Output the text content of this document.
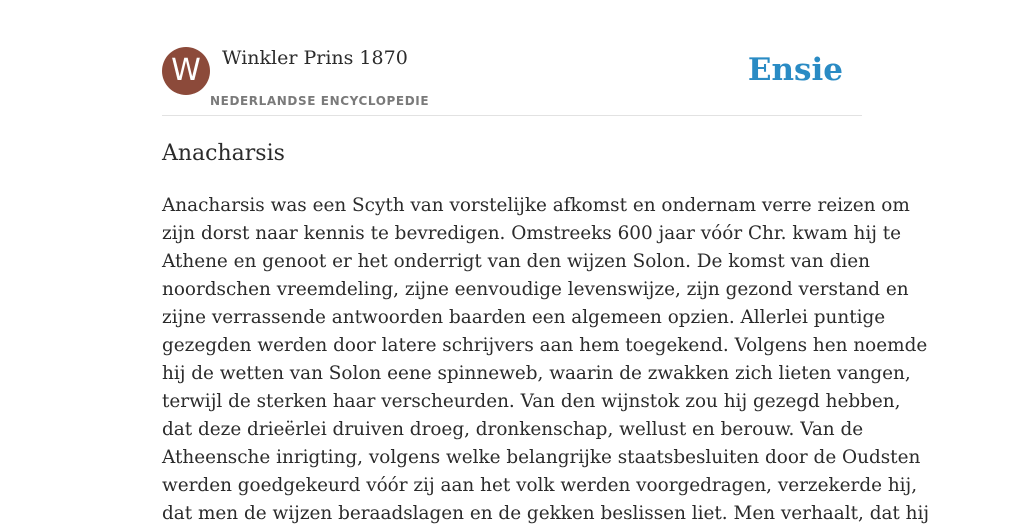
W	Winkler Prins 1870
NEDERLANDSE ENCYCLOPEDIE
Ensie
Anacharsis
Anacharsis was een Scyth van vorstelijke afkomst en ondernam verre reizen om
zijn dorst naar kennis te bevredigen. Omstreeks 600 jaar vóór Chr. kwam hij te
Athene en genoot er het onderrigt van den wijzen Solon. De komst van dien
noordschen vreemdeling, zijne eenvoudige levenswijze, zijn gezond verstand en
zijne verrassende antwoorden baarden een algemeen opzien. Allerlei puntige
gezegden werden door latere schrijvers aan hem toegekend. Volgens hen noemde
hij de wetten van Solon eene spinneweb, waarin de zwakken zich lieten vangen,
terwijl de sterken haar verscheurden. Van den wijnstok zou hij gezegd hebben,
dat deze drieërlei druiven droeg, dronkenschap, wellust en berouw. Van de
Atheensche inrigting, volgens welke belangrijke staatsbesluiten door de Oudsten
werden goedgekeurd vóór zij aan het volk werden voorgedragen, verzekerde hij,
dat men de wijzen beraadslagen en de gekken beslissen liet. Men verhaalt, dat hij
